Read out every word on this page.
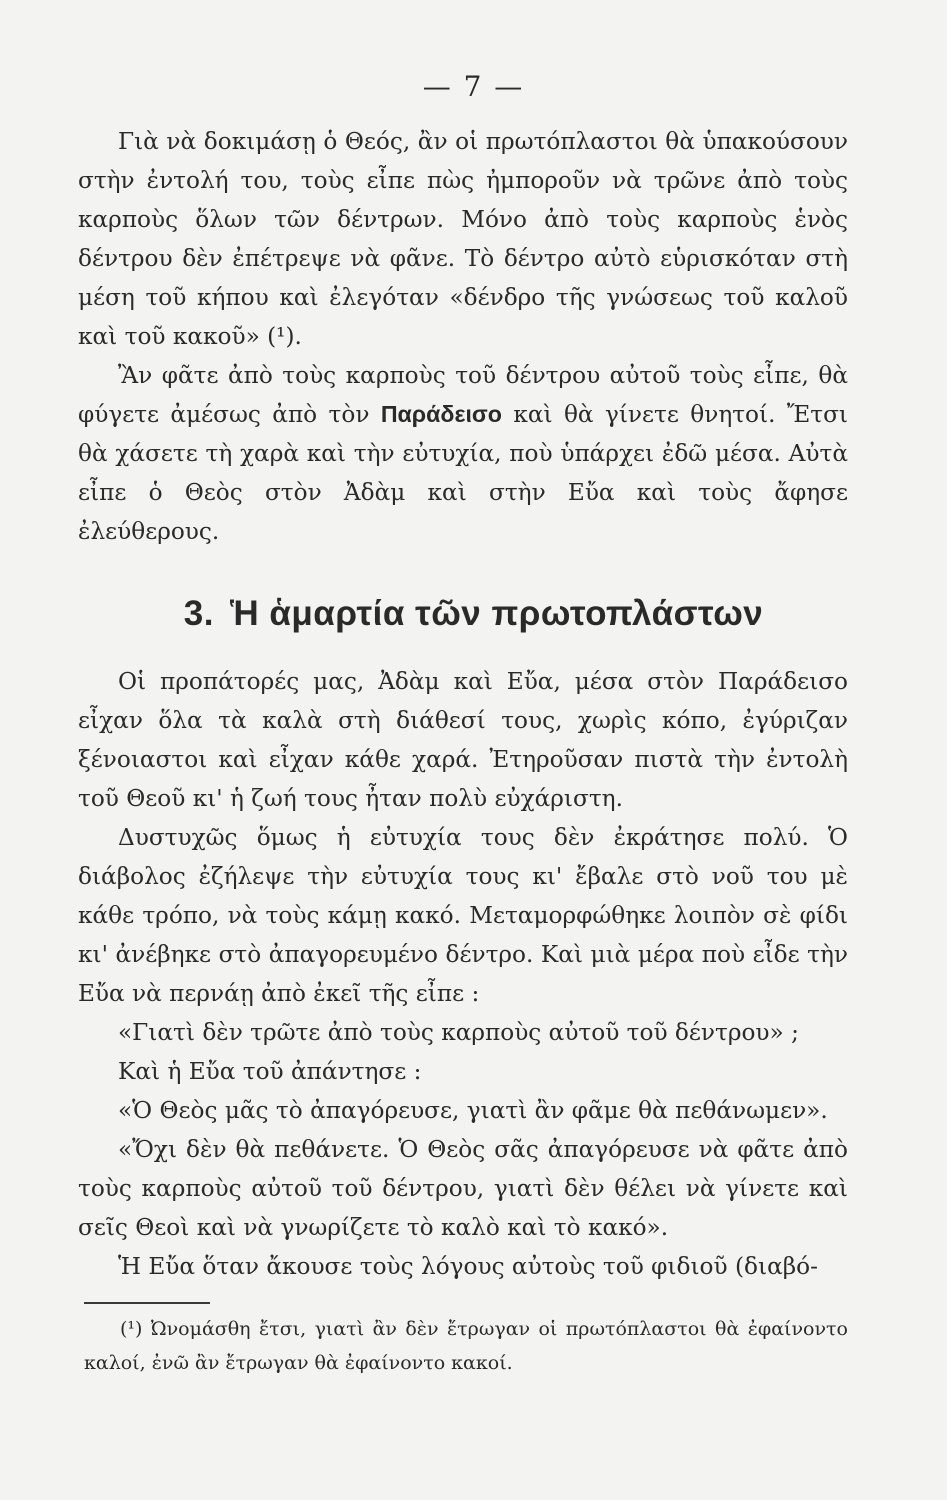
— 7 —

Γιὰ νὰ δοκιμάσῃ ὁ Θεός, ἂν οἱ πρωτόπλαστοι θὰ ὑπακούσουν στὴν ἐντολή του, τοὺς εἶπε πὼς ἠμποροῦν νὰ τρῶνε ἀπὸ τοὺς καρποὺς ὅλων τῶν δέντρων. Μόνο ἀπὸ τοὺς καρποὺς ἑνὸς δέντρου δὲν ἐπέτρεψε νὰ φᾶνε. Τὸ δέντρο αὐτὸ εὑρισκόταν στὴ μέση τοῦ κήπου καὶ ἐλεγόταν «δένδρο τῆς γνώσεως τοῦ καλοῦ καὶ τοῦ κακοῦ» (¹).

Ἂν φᾶτε ἀπὸ τοὺς καρποὺς τοῦ δέντρου αὐτοῦ τοὺς εἶπε, θὰ φύγετε ἀμέσως ἀπὸ τὸν Παράδεισο καὶ θὰ γίνετε θνητοί. Ἔτσι θὰ χάσετε τὴ χαρὰ καὶ τὴν εὐτυχία, ποὺ ὑπάρχει ἐδῶ μέσα. Αὐτὰ εἶπε ὁ Θεὸς στὸν Ἀδὰμ καὶ στὴν Εὔα καὶ τοὺς ἄφησε ἐλεύθερους.

3. Ἡ ἁμαρτία τῶν πρωτοπλάστων

Οἱ προπάτορές μας, Ἀδὰμ καὶ Εὔα, μέσα στὸν Παράδεισο εἶχαν ὅλα τὰ καλὰ στὴ διάθεσί τους, χωρὶς κόπο, ἐγύριζαν ξένοιαστοι καὶ εἶχαν κάθε χαρά. Ἐτηροῦσαν πιστὰ τὴν ἐντολὴ τοῦ Θεοῦ κι' ἡ ζωή τους ἦταν πολὺ εὐχάριστη.

Δυστυχῶς ὅμως ἡ εὐτυχία τους δὲν ἐκράτησε πολύ. Ὁ διάβολος ἐζήλεψε τὴν εὐτυχία τους κι' ἔβαλε στὸ νοῦ του μὲ κάθε τρόπο, νὰ τοὺς κάμῃ κακό. Μεταμορφώθηκε λοιπὸν σὲ φίδι κι' ἀνέβηκε στὸ ἀπαγορευμένο δέντρο. Καὶ μιὰ μέρα ποὺ εἶδε τὴν Εὔα νὰ περνάῃ ἀπὸ ἐκεῖ τῆς εἶπε :

«Γιατὶ δὲν τρῶτε ἀπὸ τοὺς καρποὺς αὐτοῦ τοῦ δέντρου» ;

Καὶ ἡ Εὔα τοῦ ἀπάντησε :

«Ὁ Θεὸς μᾶς τὸ ἀπαγόρευσε, γιατὶ ἂν φᾶμε θὰ πεθάνωμεν».

«Ὄχι δὲν θὰ πεθάνετε. Ὁ Θεὸς σᾶς ἀπαγόρευσε νὰ φᾶτε ἀπὸ τοὺς καρποὺς αὐτοῦ τοῦ δέντρου, γιατὶ δὲν θέλει νὰ γίνετε καὶ σεῖς Θεοὶ καὶ νὰ γνωρίζετε τὸ καλὸ καὶ τὸ κακό».

Ἡ Εὔα ὅταν ἄκουσε τοὺς λόγους αὐτοὺς τοῦ φιδιοῦ (διαβό-

(¹) Ὠνομάσθη ἔτσι, γιατὶ ἂν δὲν ἔτρωγαν οἱ πρωτόπλαστοι θὰ ἐφαίνοντο καλοί, ἐνῶ ἂν ἔτρωγαν θὰ ἐφαίνοντο κακοί.
